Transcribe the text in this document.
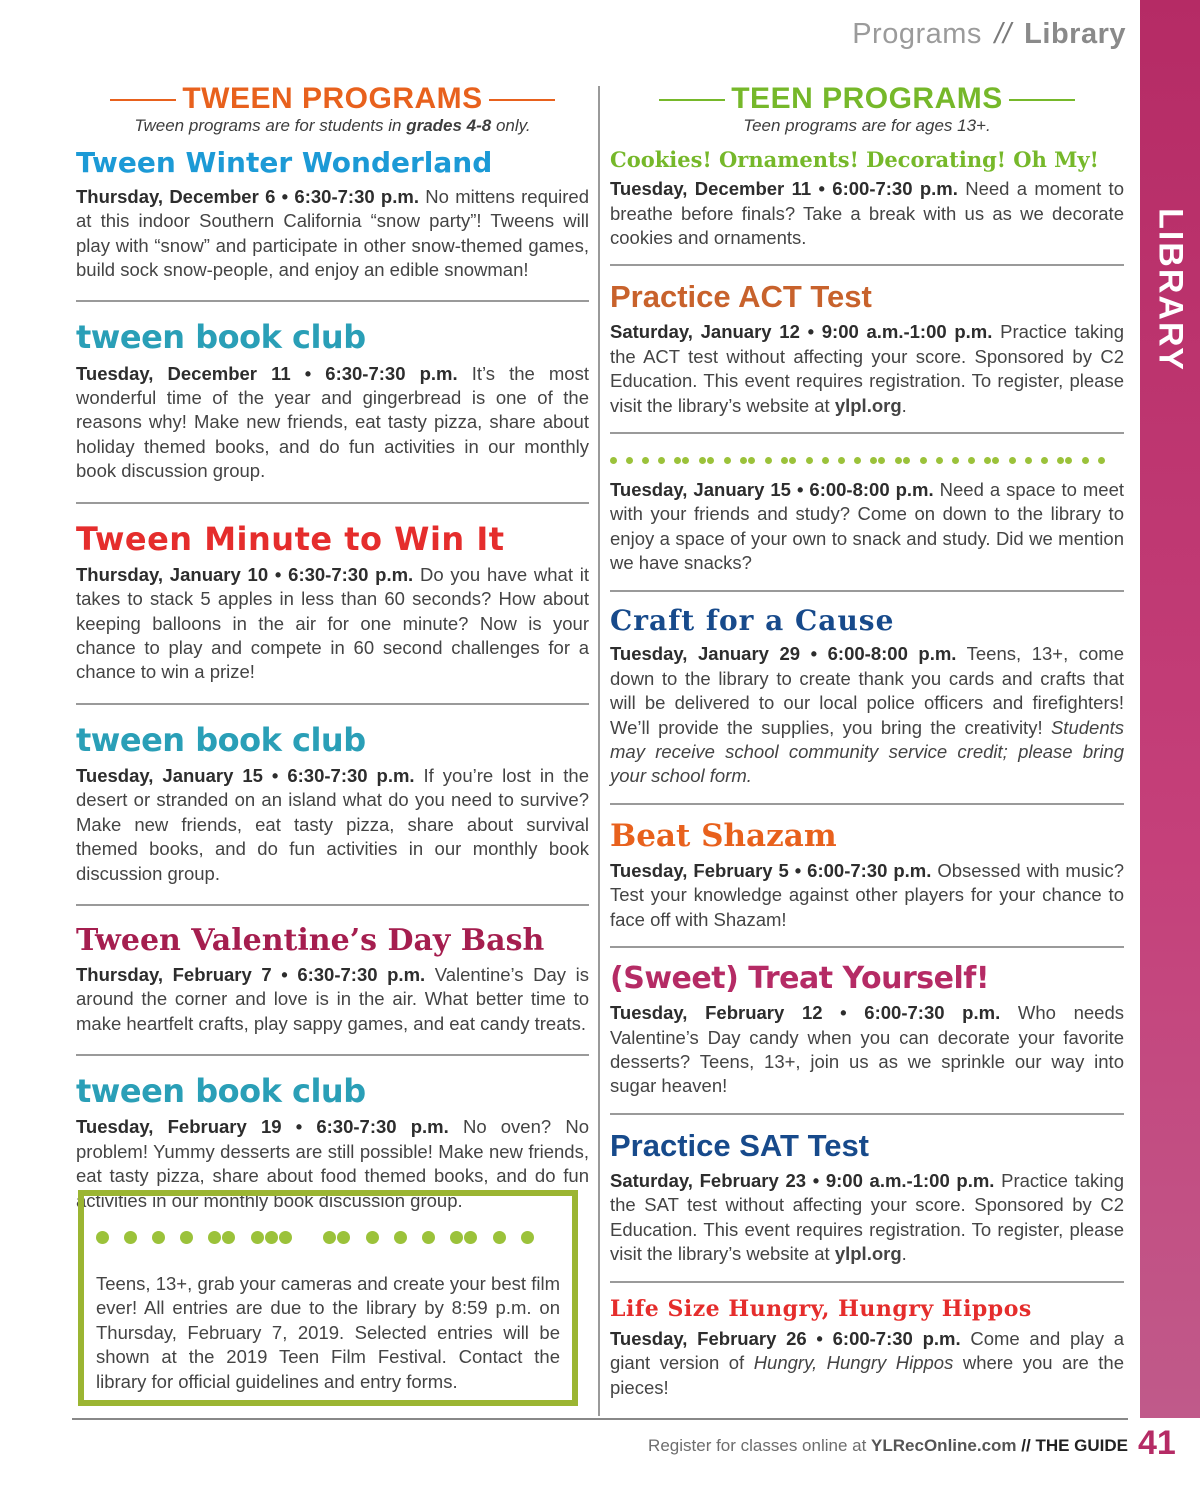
Programs // Library
LIBRARY
TWEEN PROGRAMS
Tween programs are for students in grades 4-8 only.
Tween Winter Wonderland

Thursday, December 6 • 6:30-7:30 p.m. No mittens required at this indoor Southern California “snow party”! Tweens will play with “snow” and participate in other snow-themed games, build sock snow-people, and enjoy an edible snowman!

tween book club

Tuesday, December 11 • 6:30-7:30 p.m. It’s the most wonderful time of the year and gingerbread is one of the reasons why! Make new friends, eat tasty pizza, share about holiday themed books, and do fun activities in our monthly book discussion group.

Tween Minute to Win It

Thursday, January 10 • 6:30-7:30 p.m. Do you have what it takes to stack 5 apples in less than 60 seconds? How about keeping balloons in the air for one minute? Now is your chance to play and compete in 60 second challenges for a chance to win a prize!

tween book club

Tuesday, January 15 • 6:30-7:30 p.m. If you’re lost in the desert or stranded on an island what do you need to survive? Make new friends, eat tasty pizza, share about survival themed books, and do fun activities in our monthly book discussion group.

Tween Valentine’s Day Bash

Thursday, February 7 • 6:30-7:30 p.m. Valentine’s Day is around the corner and love is in the air. What better time to make heartfelt crafts, play sappy games, and eat candy treats.

tween book club

Tuesday, February 19 • 6:30-7:30 p.m. No oven? No problem! Yummy desserts are still possible! Make new friends, eat tasty pizza, share about food themed books, and do fun activities in our monthly book discussion group.

Teens, 13+, grab your cameras and create your best film ever! All entries are due to the library by 8:59 p.m. on Thursday, February 7, 2019. Selected entries will be shown at the 2019 Teen Film Festival. Contact the library for official guidelines and entry forms.

TEEN PROGRAMS
Teen programs are for ages 13+.
Cookies! Ornaments! Decorating! Oh My!

Tuesday, December 11 • 6:00-7:30 p.m. Need a moment to breathe before finals? Take a break with us as we decorate cookies and ornaments.

Practice ACT Test

Saturday, January 12 • 9:00 a.m.-1:00 p.m. Practice taking the ACT test without affecting your score. Sponsored by C2 Education. This event requires registration. To register, please visit the library’s website at ylpl.org.

Tuesday, January 15 • 6:00-8:00 p.m. Need a space to meet with your friends and study? Come on down to the library to enjoy a space of your own to snack and study. Did we mention we have snacks?

Craft for a Cause

Tuesday, January 29 • 6:00-8:00 p.m. Teens, 13+, come down to the library to create thank you cards and crafts that will be delivered to our local police officers and firefighters! We’ll provide the supplies, you bring the creativity! Students may receive school community service credit; please bring your school form.

Beat Shazam

Tuesday, February 5 • 6:00-7:30 p.m. Obsessed with music? Test your knowledge against other players for your chance to face off with Shazam!

(Sweet) Treat Yourself!

Tuesday, February 12 • 6:00-7:30 p.m. Who needs Valentine’s Day candy when you can decorate your favorite desserts? Teens, 13+, join us as we sprinkle our way into sugar heaven!

Practice SAT Test

Saturday, February 23 • 9:00 a.m.-1:00 p.m. Practice taking the SAT test without affecting your score. Sponsored by C2 Education. This event requires registration. To register, please visit the library’s website at ylpl.org.

Life Size Hungry, Hungry Hippos

Tuesday, February 26 • 6:00-7:30 p.m. Come and play a giant version of Hungry, Hungry Hippos where you are the pieces!

Register for classes online at YLRecOnline.com // THE GUIDE 41
